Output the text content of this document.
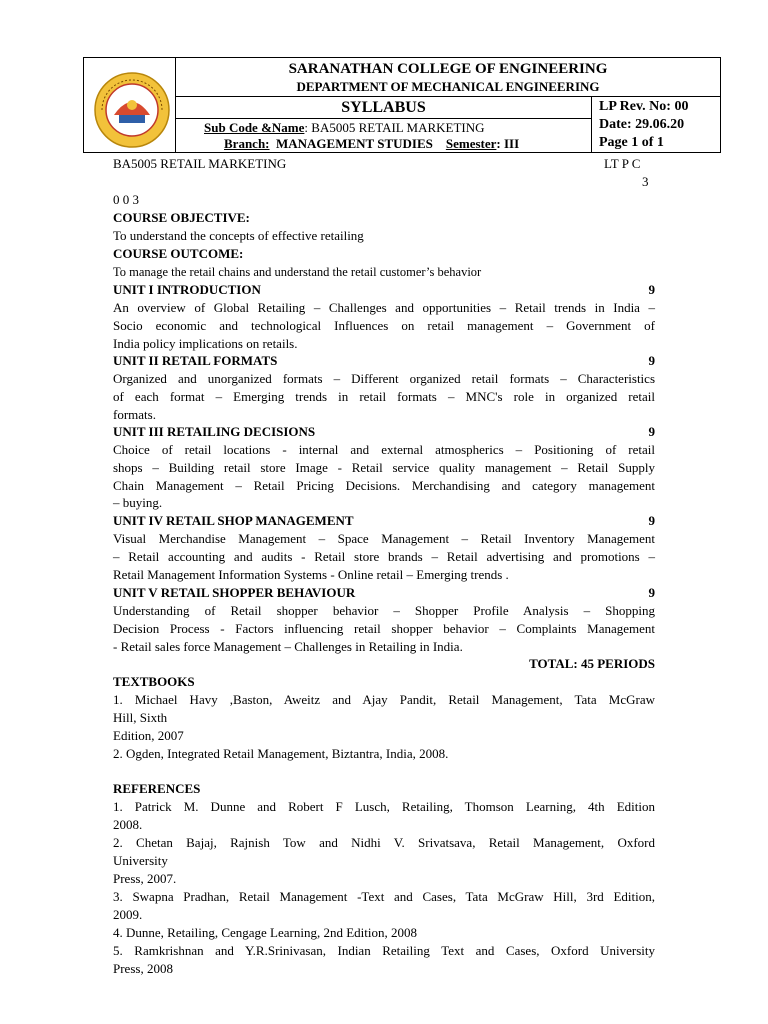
SARANATHAN COLLEGE OF ENGINEERING
DEPARTMENT OF MECHANICAL ENGINEERING
SYLLABUS
Sub Code &Name: BA5005 RETAIL MARKETING
Branch: MANAGEMENT STUDIES Semester: III
LP Rev. No: 00
Date: 29.06.20
Page 1 of 1
BA5005 RETAIL MARKETING	LT P C
3
0 0 3
COURSE OBJECTIVE:
To understand the concepts of effective retailing
COURSE OUTCOME:
To manage the retail chains and understand the retail customer’s behavior
UNIT I INTRODUCTION	9
An overview of Global Retailing – Challenges and opportunities – Retail trends in India –
Socio economic and technological Influences on retail management – Government of
India policy implications on retails.
UNIT II RETAIL FORMATS	9
Organized and unorganized formats – Different organized retail formats – Characteristics
of each format – Emerging trends in retail formats – MNC's role in organized retail
formats.
UNIT III RETAILING DECISIONS	9
Choice of retail locations - internal and external atmospherics – Positioning of retail
shops – Building retail store Image - Retail service quality management – Retail Supply
Chain Management – Retail Pricing Decisions. Merchandising and category management
– buying.
UNIT IV RETAIL SHOP MANAGEMENT	9
Visual Merchandise Management – Space Management – Retail Inventory Management
– Retail accounting and audits - Retail store brands – Retail advertising and promotions –
Retail Management Information Systems - Online retail – Emerging trends .
UNIT V RETAIL SHOPPER BEHAVIOUR	9
Understanding of Retail shopper behavior – Shopper Profile Analysis – Shopping
Decision Process - Factors influencing retail shopper behavior – Complaints Management
- Retail sales force Management – Challenges in Retailing in India.
TOTAL: 45 PERIODS
TEXTBOOKS
1. Michael Havy ,Baston, Aweitz and Ajay Pandit, Retail Management, Tata McGraw
Hill, Sixth
Edition, 2007
2. Ogden, Integrated Retail Management, Biztantra, India, 2008.
REFERENCES
1. Patrick M. Dunne and Robert F Lusch, Retailing, Thomson Learning, 4th Edition
2008.
2. Chetan Bajaj, Rajnish Tow and Nidhi V. Srivatsava, Retail Management, Oxford
University
Press, 2007.
3. Swapna Pradhan, Retail Management -Text and Cases, Tata McGraw Hill, 3rd Edition,
2009.
4. Dunne, Retailing, Cengage Learning, 2nd Edition, 2008
5. Ramkrishnan and Y.R.Srinivasan, Indian Retailing Text and Cases, Oxford University
Press, 2008
